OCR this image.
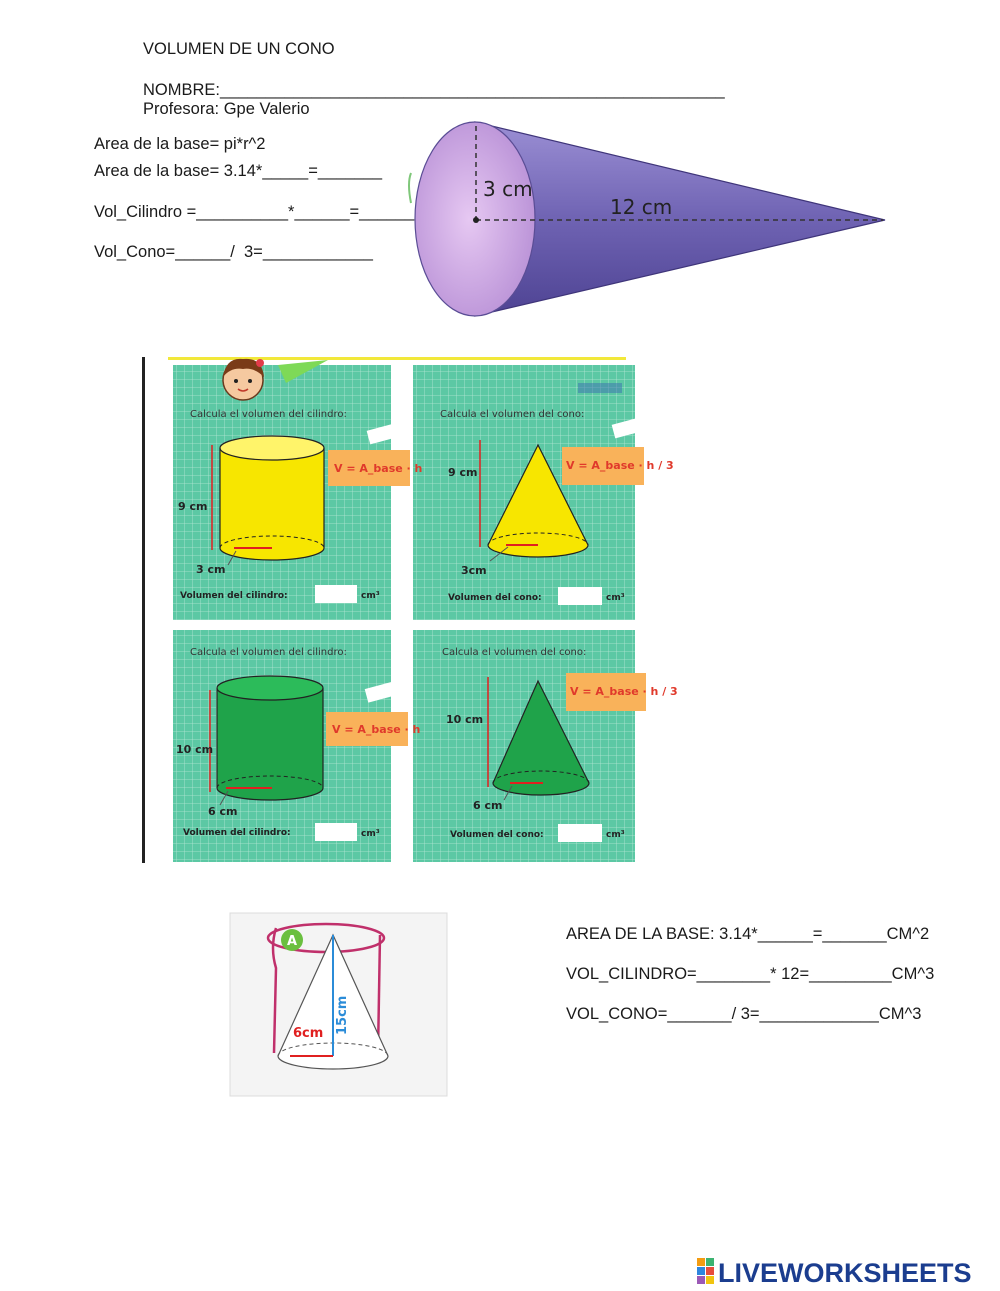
VOLUMEN DE UN CONO
NOMBRE:_______________________________________________________
Profesora: Gpe Valerio
Area de la base= pi*r^2
Area de la base= 3.14*_____=_______
Vol_Cilindro =__________*______=______
Vol_Cono=______/  3=____________
3 cm
12 cm
Calcula el volumen del cilindro:
9 cm
3 cm
V = A_base · h
Volumen del cilindro:	cm³
Calcula el volumen del cono:
9 cm
3cm
V = A_base · h / 3
Volumen del cono:	cm³
Calcula el volumen del cilindro:
10 cm
6 cm
V = A_base · h
Volumen del cilindro:	cm³
Calcula el volumen del cono:
10 cm
6 cm
V = A_base · h / 3
Volumen del cono:	cm³
A
6cm 15cm
AREA DE LA BASE: 3.14*______=_______CM^2
VOL_CILINDRO=________* 12=_________CM^3
VOL_CONO=_______/ 3=_____________CM^3
LIVEWORKSHEETS
